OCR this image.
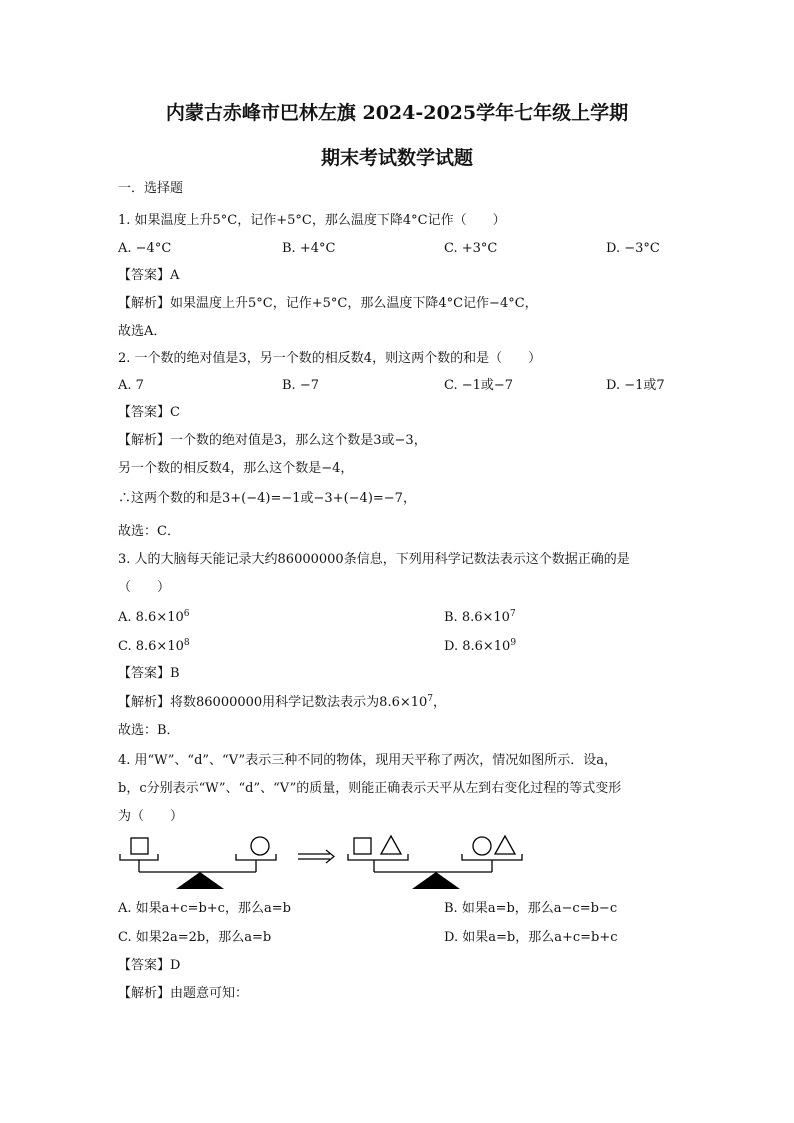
内蒙古赤峰市巴林左旗 2024-2025学年七年级上学期
期末考试数学试题
一．选择题
1. 如果温度上升5°C，记作+5°C，那么温度下降4°C记作（　　）
A. −4°C	B. +4°C	C. +3°C	D. −3°C
【答案】A
【解析】如果温度上升5°C，记作+5°C，那么温度下降4°C记作−4°C，
故选A．
2. 一个数的绝对值是3，另一个数的相反数4，则这两个数的和是（　　）
A. 7	B. −7	C. −1或−7	D. −1或7
【答案】C
【解析】一个数的绝对值是3，那么这个数是3或−3，
另一个数的相反数4，那么这个数是−4，
∴这两个数的和是3+(−4)=−1或−3+(−4)=−7，
故选：C．
3. 人的大脑每天能记录大约86000000条信息，下列用科学记数法表示这个数据正确的是
（　　）
A. $8.6\times 10^6$	B. $8.6\times 10^7$
C. $8.6\times 10^8$	D. $8.6\times 10^9$
【答案】B
【解析】将数86000000用科学记数法表示为$8.6\times 10^7$，
故选：B．
4. 用“W”、“d”、“V”表示三种不同的物体，现用天平称了两次，情况如图所示．设a，
b，c分别表示“W”、“d”、“V”的质量，则能正确表示天平从左到右变化过程的等式变形
为（　　）
A. 如果a+c=b+c，那么a=b	B. 如果a=b，那么a−c=b−c
C. 如果2a=2b，那么a=b	D. 如果a=b，那么a+c=b+c
【答案】D
【解析】由题意可知：
